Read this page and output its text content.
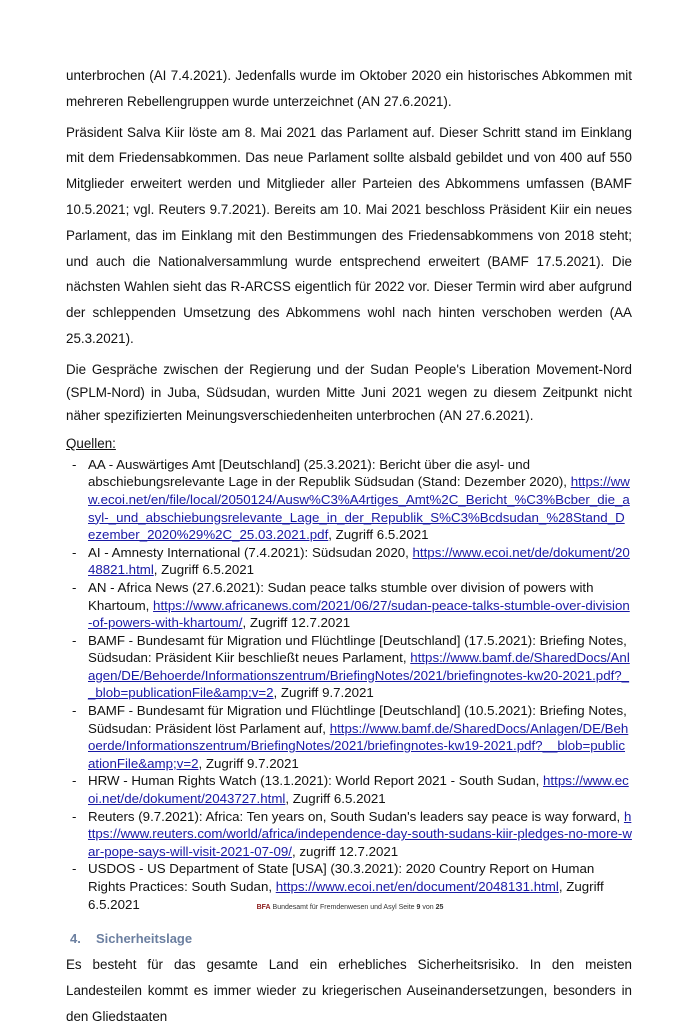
unterbrochen (AI 7.4.2021). Jedenfalls wurde im Oktober 2020 ein historisches Abkommen mit mehreren Rebellengruppen wurde unterzeichnet (AN 27.6.2021).

Präsident Salva Kiir löste am 8. Mai 2021 das Parlament auf. Dieser Schritt stand im Einklang mit dem Friedensabkommen. Das neue Parlament sollte alsbald gebildet und von 400 auf 550 Mitglieder erweitert werden und Mitglieder aller Parteien des Abkommens umfassen (BAMF 10.5.2021; vgl. Reuters 9.7.2021). Bereits am 10. Mai 2021 beschloss Präsident Kiir ein neues Parlament, das im Einklang mit den Bestimmungen des Friedensabkommens von 2018 steht; und auch die Nationalversammlung wurde entsprechend erweitert (BAMF 17.5.2021). Die nächsten Wahlen sieht das R-ARCSS eigentlich für 2022 vor. Dieser Termin wird aber aufgrund der schleppenden Umsetzung des Abkommens wohl nach hinten verschoben werden (AA 25.3.2021).

Die Gespräche zwischen der Regierung und der Sudan People's Liberation Movement-Nord (SPLM-Nord) in Juba, Südsudan, wurden Mitte Juni 2021 wegen zu diesem Zeitpunkt nicht näher spezifizierten Meinungsverschiedenheiten unterbrochen (AN 27.6.2021).

Quellen:
- AA - Auswärtiges Amt [Deutschland] (25.3.2021): Bericht über die asyl- und abschiebungsrelevante Lage in der Republik Südsudan (Stand: Dezember 2020), https://www.ecoi.net/en/file/local/2050124/Ausw%C3%A4rtiges_Amt%2C_Bericht_%C3%Bcber_die_asyl-_und_abschiebungsrelevante_Lage_in_der_Republik_S%C3%Bcdsudan_%28Stand_Dezember_2020%29%2C_25.03.2021.pdf, Zugriff 6.5.2021
- AI - Amnesty International (7.4.2021): Südsudan 2020, https://www.ecoi.net/de/dokument/2048821.html, Zugriff 6.5.2021
- AN - Africa News (27.6.2021): Sudan peace talks stumble over division of powers with Khartoum, https://www.africanews.com/2021/06/27/sudan-peace-talks-stumble-over-division-of-powers-with-khartoum/, Zugriff 12.7.2021
- BAMF - Bundesamt für Migration und Flüchtlinge [Deutschland] (17.5.2021): Briefing Notes, Südsudan: Präsident Kiir beschließt neues Parlament, https://www.bamf.de/SharedDocs/Anlagen/DE/Behoerde/Informationszentrum/BriefingNotes/2021/briefingnotes-kw20-2021.pdf?__blob=publicationFile&amp;v=2, Zugriff 9.7.2021
- BAMF - Bundesamt für Migration und Flüchtlinge [Deutschland] (10.5.2021): Briefing Notes, Südsudan: Präsident löst Parlament auf, https://www.bamf.de/SharedDocs/Anlagen/DE/Behoerde/Informationszentrum/BriefingNotes/2021/briefingnotes-kw19-2021.pdf?__blob=publicationFile&amp;v=2, Zugriff 9.7.2021
- HRW - Human Rights Watch (13.1.2021): World Report 2021 - South Sudan, https://www.ecoi.net/de/dokument/2043727.html, Zugriff 6.5.2021
- Reuters (9.7.2021): Africa: Ten years on, South Sudan's leaders say peace is way forward, https://www.reuters.com/world/africa/independence-day-south-sudans-kiir-pledges-no-more-war-pope-says-will-visit-2021-07-09/, zugriff 12.7.2021
- USDOS - US Department of State [USA] (30.3.2021): 2020 Country Report on Human Rights Practices: South Sudan, https://www.ecoi.net/en/document/2048131.html, Zugriff 6.5.2021
4. Sicherheitslage

Es besteht für das gesamte Land ein erhebliches Sicherheitsrisiko. In den meisten Landesteilen kommt es immer wieder zu kriegerischen Auseinandersetzungen, besonders in den Gliedstaaten

BFA Bundesamt für Fremdenwesen und Asyl Seite 9 von 25
